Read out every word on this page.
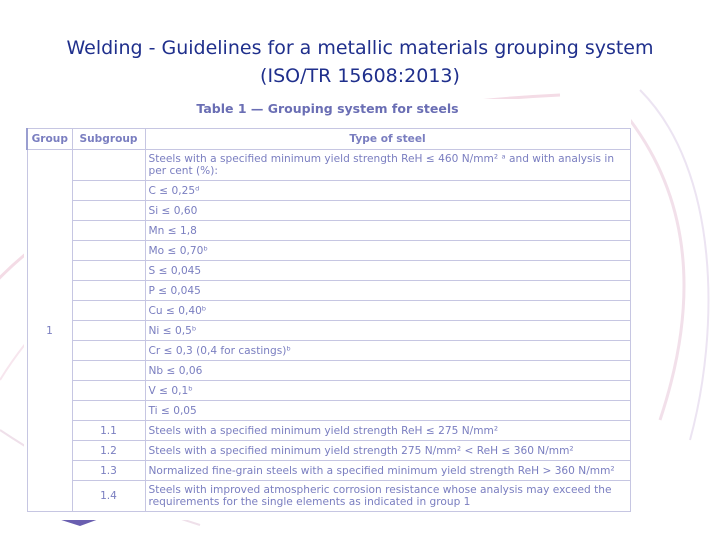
Welding - Guidelines for a metallic materials grouping system
(ISO/TR 15608:2013)
Table 1 — Grouping system for steels
Group	Subgroup	Type of steel
1		Steels with a specified minimum yield strength ReH ≤ 460 N/mm² ᵃ and with analysis in per cent (%):
		C ≤ 0,25ᵈ
		Si ≤ 0,60
		Mn ≤ 1,8
		Mo ≤ 0,70ᵇ
		S ≤ 0,045
		P ≤ 0,045
		Cu ≤ 0,40ᵇ
		Ni ≤ 0,5ᵇ
		Cr ≤ 0,3 (0,4 for castings)ᵇ
		Nb ≤ 0,06
		V ≤ 0,1ᵇ
		Ti ≤ 0,05
	1.1	Steels with a specified minimum yield strength ReH ≤ 275 N/mm²
	1.2	Steels with a specified minimum yield strength 275 N/mm² < ReH ≤ 360 N/mm²
	1.3	Normalized fine-grain steels with a specified minimum yield strength ReH > 360 N/mm²
	1.4	Steels with improved atmospheric corrosion resistance whose analysis may exceed the requirements for the single elements as indicated in group 1
